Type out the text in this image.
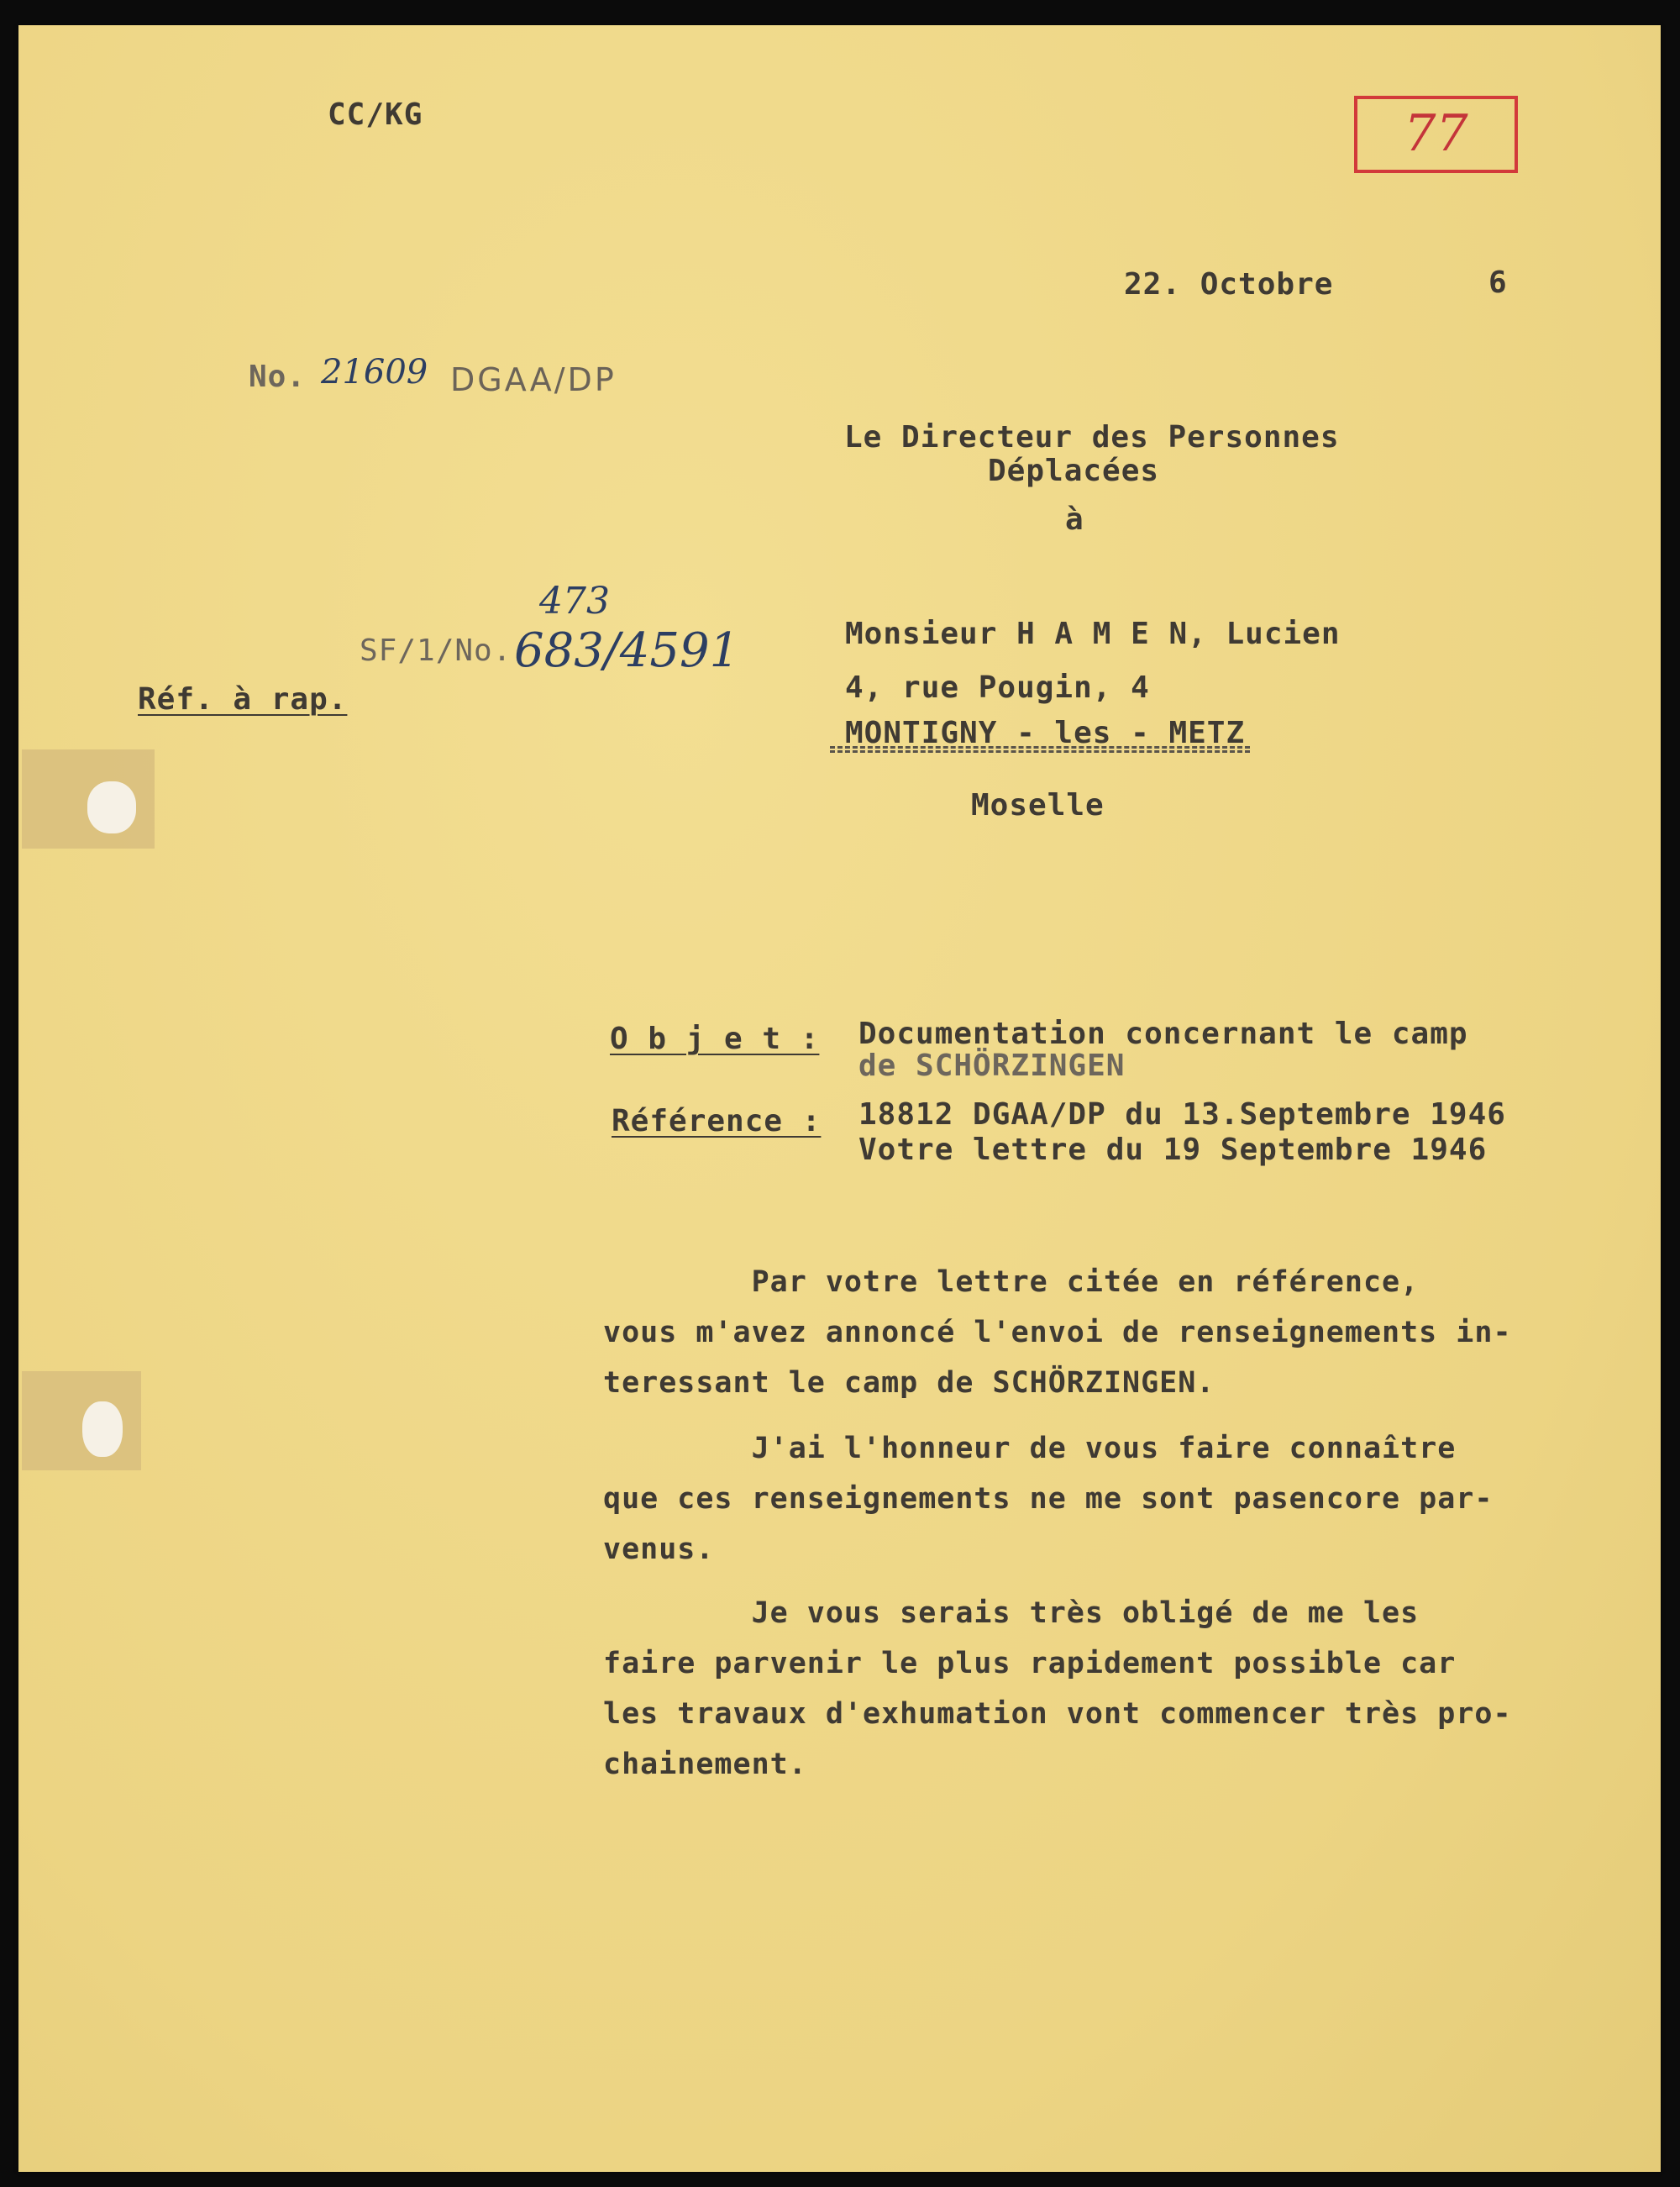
CC/KG	77
22. Octobre	6
No. 21609 DGAA/DP
Le Directeur des Personnes
Déplacées
à
473
SF/1/No. 683/4591
Réf. à rap.
Monsieur H A M E N, Lucien
4, rue Pougin, 4
MONTIGNY - les - METZ
Moselle
O b j e t : Documentation concernant le camp
de SCHÖRZINGEN
Référence : 18812 DGAA/DP du 13.Septembre 1946
Votre lettre du 19 Septembre 1946
Par votre lettre citée en référence,
vous m'avez annoncé l'envoi de renseignements in-
teressant le camp de SCHÖRZINGEN.
J'ai l'honneur de vous faire connaître
que ces renseignements ne me sont pasencore par-
venus.
Je vous serais très obligé de me les
faire parvenir le plus rapidement possible car
les travaux d'exhumation vont commencer très pro-
chainement.
